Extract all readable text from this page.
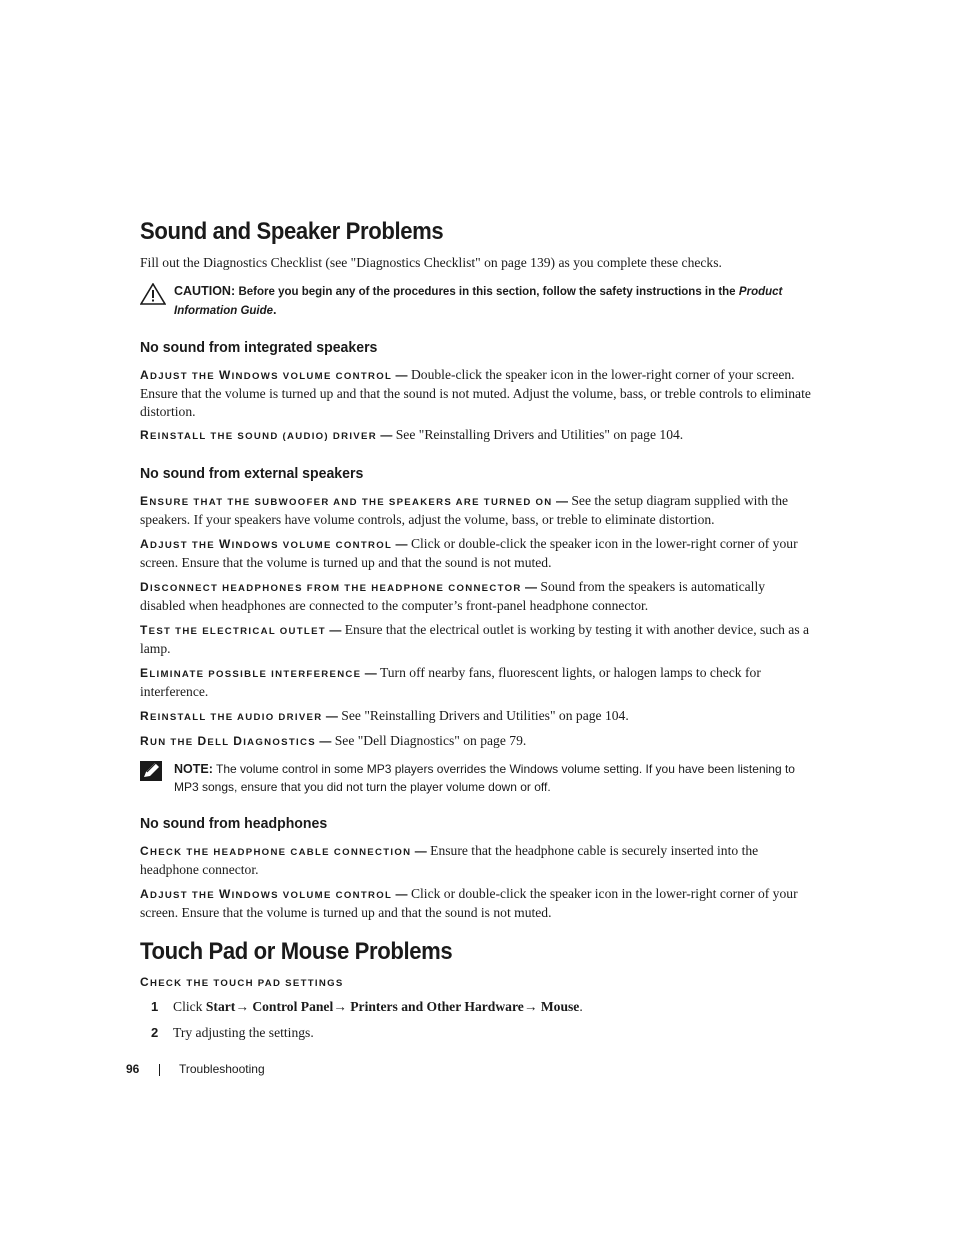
Sound and Speaker Problems

Fill out the Diagnostics Checklist (see "Diagnostics Checklist" on page 139) as you complete these checks.

CAUTION: Before you begin any of the procedures in this section, follow the safety instructions in the Product Information Guide.
No sound from integrated speakers

ADJUST THE WINDOWS VOLUME CONTROL — Double-click the speaker icon in the lower-right corner of your screen. Ensure that the volume is turned up and that the sound is not muted. Adjust the volume, bass, or treble controls to eliminate distortion.

REINSTALL THE SOUND (AUDIO) DRIVER — See "Reinstalling Drivers and Utilities" on page 104.

No sound from external speakers

ENSURE THAT THE SUBWOOFER AND THE SPEAKERS ARE TURNED ON — See the setup diagram supplied with the speakers. If your speakers have volume controls, adjust the volume, bass, or treble to eliminate distortion.

ADJUST THE WINDOWS VOLUME CONTROL — Click or double-click the speaker icon in the lower-right corner of your screen. Ensure that the volume is turned up and that the sound is not muted.

DISCONNECT HEADPHONES FROM THE HEADPHONE CONNECTOR — Sound from the speakers is automatically disabled when headphones are connected to the computer’s front-panel headphone connector.

TEST THE ELECTRICAL OUTLET — Ensure that the electrical outlet is working by testing it with another device, such as a lamp.

ELIMINATE POSSIBLE INTERFERENCE — Turn off nearby fans, fluorescent lights, or halogen lamps to check for interference.

REINSTALL THE AUDIO DRIVER — See "Reinstalling Drivers and Utilities" on page 104.

RUN THE DELL DIAGNOSTICS — See "Dell Diagnostics" on page 79.

NOTE: The volume control in some MP3 players overrides the Windows volume setting. If you have been listening to MP3 songs, ensure that you did not turn the player volume down or off.
No sound from headphones

CHECK THE HEADPHONE CABLE CONNECTION — Ensure that the headphone cable is securely inserted into the headphone connector.

ADJUST THE WINDOWS VOLUME CONTROL — Click or double-click the speaker icon in the lower-right corner of your screen. Ensure that the volume is turned up and that the sound is not muted.

Touch Pad or Mouse Problems

CHECK THE TOUCH PAD SETTINGS

1 Click Start→ Control Panel→ Printers and Other Hardware→ Mouse.
2 Try adjusting the settings.
96	Troubleshooting
